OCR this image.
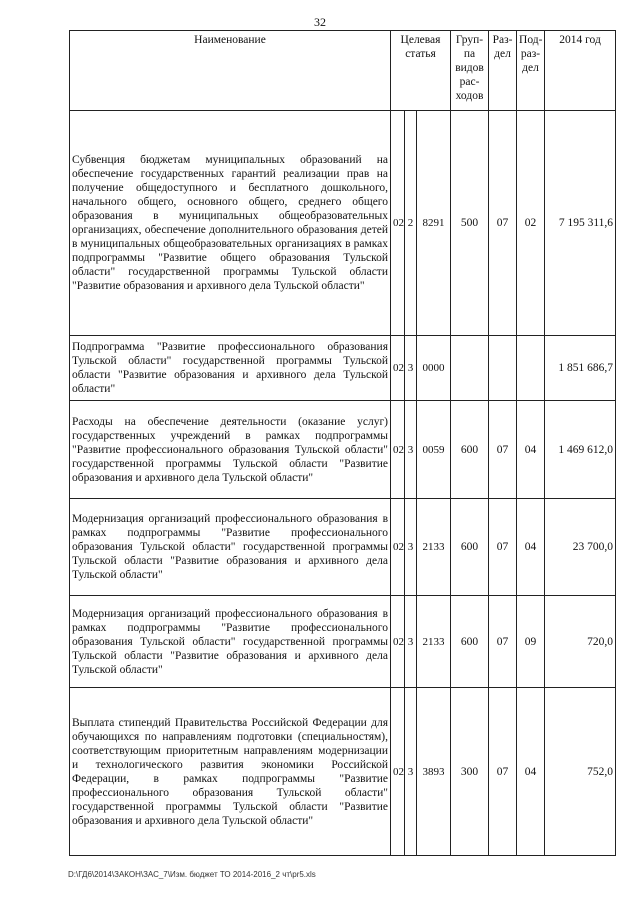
32
Наименование	Целевая статья			Груп-па видов рас-ходов	Раз-дел	Под-раз-дел	2014 год
Субвенция бюджетам муниципальных образований на обеспечение государственных гарантий реализации прав на получение общедоступного и бесплатного дошкольного, начального общего, основного общего, среднего общего образования в муниципальных общеобразовательных организациях, обеспечение дополнительного образования детей в муниципальных общеобразовательных организациях в рамках подпрограммы "Развитие общего образования Тульской области" государственной программы Тульской области "Развитие образования и архивного дела Тульской области"	02	2	8291	500	07	02	7 195 311,6
Подпрограмма "Развитие профессионального образования Тульской области" государственной программы Тульской области "Развитие образования и архивного дела Тульской области"	02	3	0000				1 851 686,7
Расходы на обеспечение деятельности (оказание услуг) государственных учреждений в рамках подпрограммы "Развитие профессионального образования Тульской области" государственной программы Тульской области "Развитие образования и архивного дела Тульской области"	02	3	0059	600	07	04	1 469 612,0
Модернизация организаций профессионального образования в рамках подпрограммы "Развитие профессионального образования Тульской области" государственной программы Тульской области "Развитие образования и архивного дела Тульской области"	02	3	2133	600	07	04	23 700,0
Модернизация организаций профессионального образования в рамках подпрограммы "Развитие профессионального образования Тульской области" государственной программы Тульской области "Развитие образования и архивного дела Тульской области"	02	3	2133	600	07	09	720,0
Выплата стипендий Правительства Российской Федерации для обучающихся по направлениям подготовки (специальностям), соответствующим приоритетным направлениям модернизации и технологического развития экономики Российской Федерации, в рамках подпрограммы "Развитие профессионального образования Тульской области" государственной программы Тульской области "Развитие образования и архивного дела Тульской области"	02	3	3893	300	07	04	752,0
D:\ГД6\2014\ЗАКОН\ЗАС_7\Изм. бюджет ТО 2014-2016_2 чт\pr5.xls
